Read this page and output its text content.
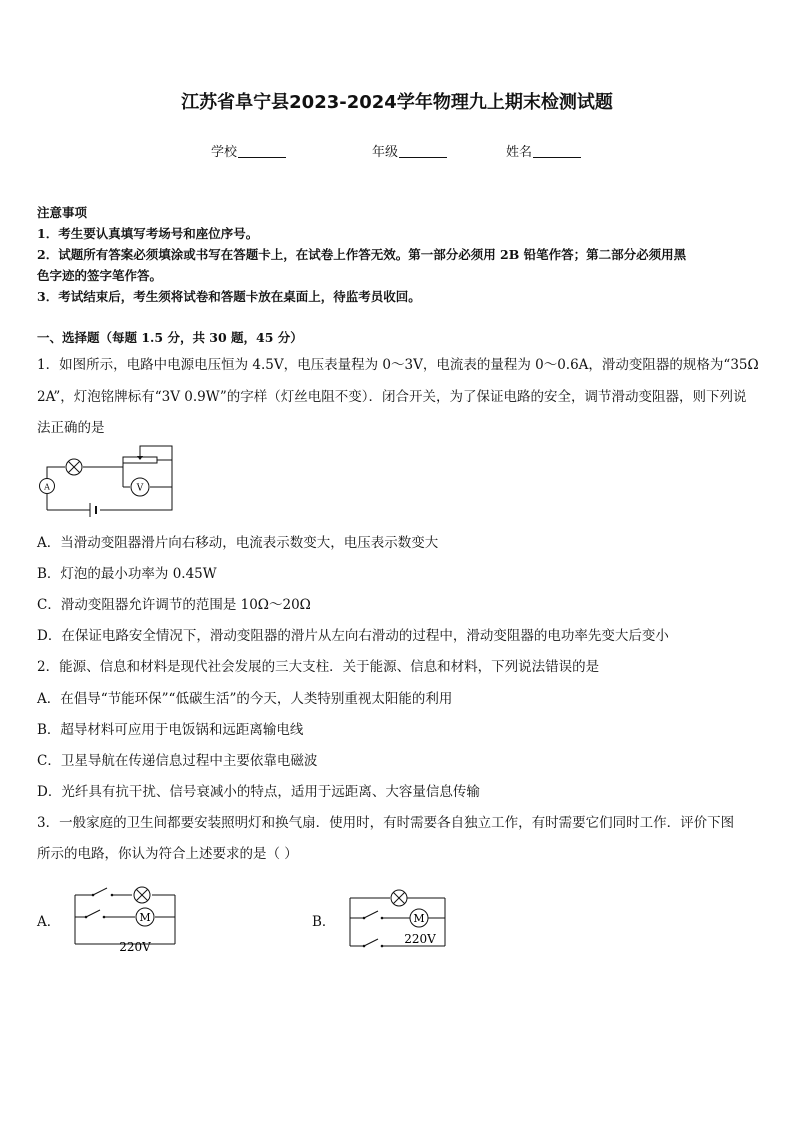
江苏省阜宁县2023-2024学年物理九上期末检测试题
学校	年级	姓名
注意事项
1．考生要认真填写考场号和座位序号。
2．试题所有答案必须填涂或书写在答题卡上，在试卷上作答无效。第一部分必须用 2B 铅笔作答；第二部分必须用黑
色字迹的签字笔作答。
3．考试结束后，考生须将试卷和答题卡放在桌面上，待监考员收回。
一、选择题（每题 1.5 分，共 30 题，45 分）
1．如图所示，电路中电源电压恒为 4.5V，电压表量程为 0～3V，电流表的量程为 0～0.6A，滑动变阻器的规格为“35Ω
2A”，灯泡铭牌标有“3V 0.9W”的字样（灯丝电阻不变）．闭合开关，为了保证电路的安全，调节滑动变阻器，则下列说
法正确的是
A	V
A．当滑动变阻器滑片向右移动，电流表示数变大，电压表示数变大
B．灯泡的最小功率为 0.45W
C．滑动变阻器允许调节的范围是 10Ω～20Ω
D．在保证电路安全情况下，滑动变阻器的滑片从左向右滑动的过程中，滑动变阻器的电功率先变大后变小
2．能源、信息和材料是现代社会发展的三大支柱．关于能源、信息和材料，下列说法错误的是
A．在倡导“节能环保”“低碳生活”的今天，人类特别重视太阳能的利用
B．超导材料可应用于电饭锅和远距离输电线
C．卫星导航在传递信息过程中主要依靠电磁波
D．光纤具有抗干扰、信号衰减小的特点，适用于远距离、大容量信息传输
3．一般家庭的卫生间都要安装照明灯和换气扇．使用时，有时需要各自独立工作，有时需要它们同时工作．评价下图
所示的电路，你认为符合上述要求的是（ ）
A．	M
220V
B．	M
220V
